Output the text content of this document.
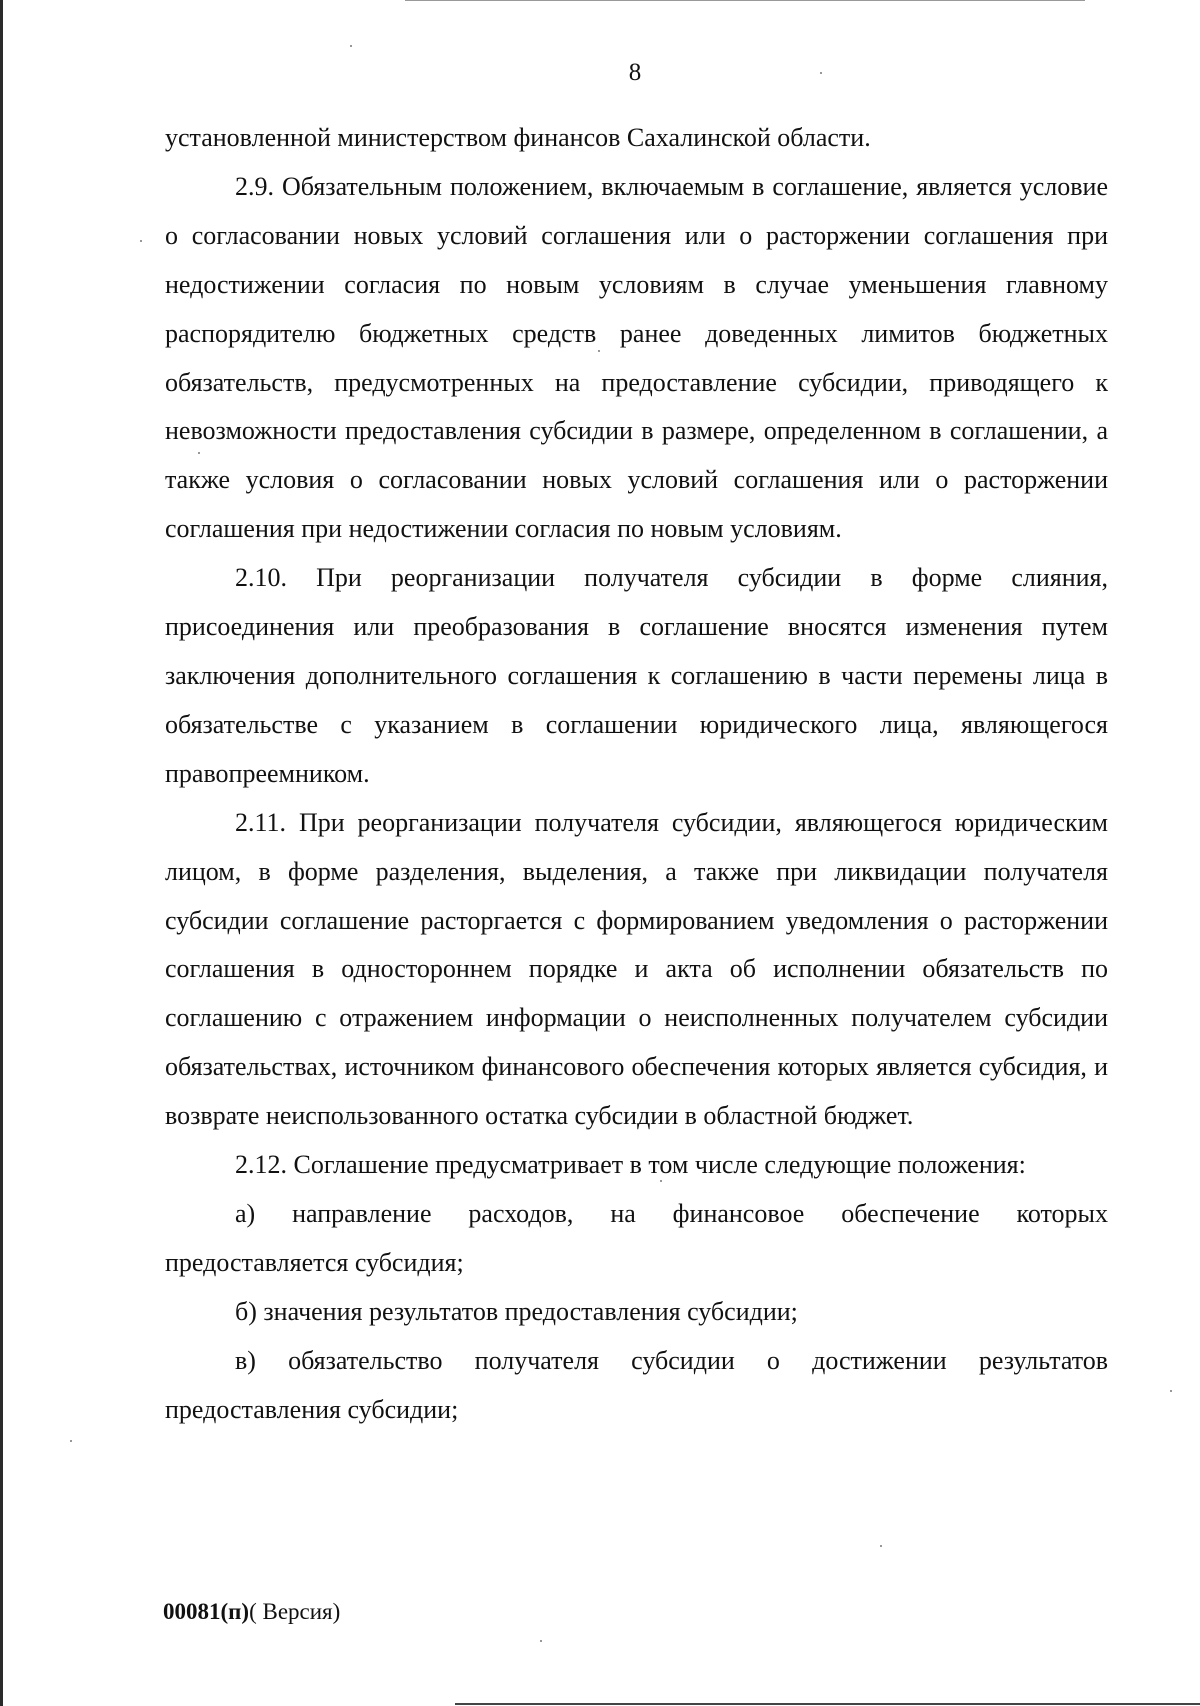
8

установленной министерством финансов Сахалинской области.

2.9. Обязательным положением, включаемым в соглашение, является условие о согласовании новых условий соглашения или о расторжении соглашения при недостижении согласия по новым условиям в случае уменьшения главному распорядителю бюджетных средств ранее доведенных лимитов бюджетных обязательств, предусмотренных на предоставление субсидии, приводящего к невозможности предоставления субсидии в размере, определенном в соглашении, а также условия о согласовании новых условий соглашения или о расторжении соглашения при недостижении согласия по новым условиям.

2.10. При реорганизации получателя субсидии в форме слияния, присоединения или преобразования в соглашение вносятся изменения путем заключения дополнительного соглашения к соглашению в части перемены лица в обязательстве с указанием в соглашении юридического лица, являющегося правопреемником.

2.11. При реорганизации получателя субсидии, являющегося юридическим лицом, в форме разделения, выделения, а также при ликвидации получателя субсидии соглашение расторгается с формированием уведомления о расторжении соглашения в одностороннем порядке и акта об исполнении обязательств по соглашению с отражением информации о неисполненных получателем субсидии обязательствах, источником финансового обеспечения которых является субсидия, и возврате неиспользованного остатка субсидии в областной бюджет.

2.12. Соглашение предусматривает в том числе следующие положения:

а) направление расходов, на финансовое обеспечение которых предоставляется субсидия;

б) значения результатов предоставления субсидии;

в) обязательство получателя субсидии о достижении результатов предоставления субсидии;

00081(п)( Версия)
